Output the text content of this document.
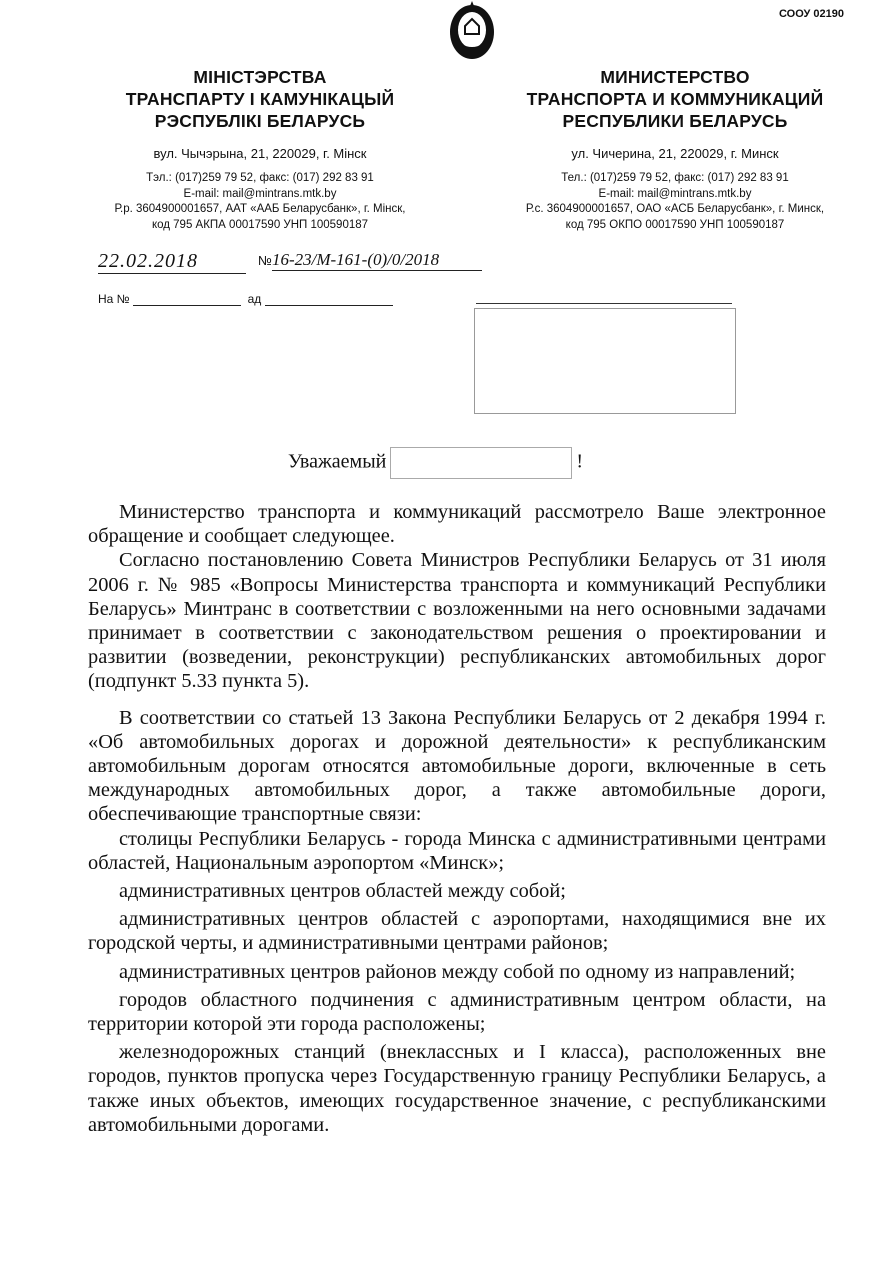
СООУ 02190
МІНІСТЭРСТВА
ТРАНСПАРТУ І КАМУНІКАЦЫЙ
РЭСПУБЛІКІ БЕЛАРУСЬ
вул. Чычэрына, 21, 220029, г. Мінск
Тэл.: (017)259 79 52, факс: (017) 292 83 91
E-mail: mail@mintrans.mtk.by
Р.р. 3604900001657, ААТ «ААБ Беларусбанк», г. Мінск,
код 795 АКПА 00017590 УНП 100590187
МИНИСТЕРСТВО
ТРАНСПОРТА И КОММУНИКАЦИЙ
РЕСПУБЛИКИ БЕЛАРУСЬ
ул. Чичерина, 21, 220029, г. Минск
Тел.: (017)259 79 52, факс: (017) 292 83 91
E-mail: mail@mintrans.mtk.by
Р.с. 3604900001657, ОАО «АСБ Беларусбанк», г. Минск,
код 795 ОКПО 00017590 УНП 100590187
22.02.2018	№16-23/М-161-(0)/0/2018
На №	ад
Уважаемый	!

Министерство транспорта и коммуникаций рассмотрело Ваше электронное обращение и сообщает следующее.

Согласно постановлению Совета Министров Республики Беларусь от 31 июля 2006 г. № 985 «Вопросы Министерства транспорта и коммуникаций Республики Беларусь» Минтранс в соответствии с возложенными на него основными задачами принимает в соответствии с законодательством решения о проектировании и развитии (возведении, реконструкции) республиканских автомобильных дорог (подпункт 5.33 пункта 5).

В соответствии со статьей 13 Закона Республики Беларусь от 2 декабря 1994 г. «Об автомобильных дорогах и дорожной деятельности» к республиканским автомобильным дорогам относятся автомобильные дороги, включенные в сеть международных автомобильных дорог, а также автомобильные дороги, обеспечивающие транспортные связи:

столицы Республики Беларусь - города Минска с административными центрами областей, Национальным аэропортом «Минск»;

административных центров областей между собой;

административных центров областей с аэропортами, находящимися вне их городской черты, и административными центрами районов;

административных центров районов между собой по одному из направлений;

городов областного подчинения с административным центром области, на территории которой эти города расположены;

железнодорожных станций (внеклассных и I класса), расположенных вне городов, пунктов пропуска через Государственную границу Республики Беларусь, а также иных объектов, имеющих государственное значение, с республиканскими автомобильными дорогами.
